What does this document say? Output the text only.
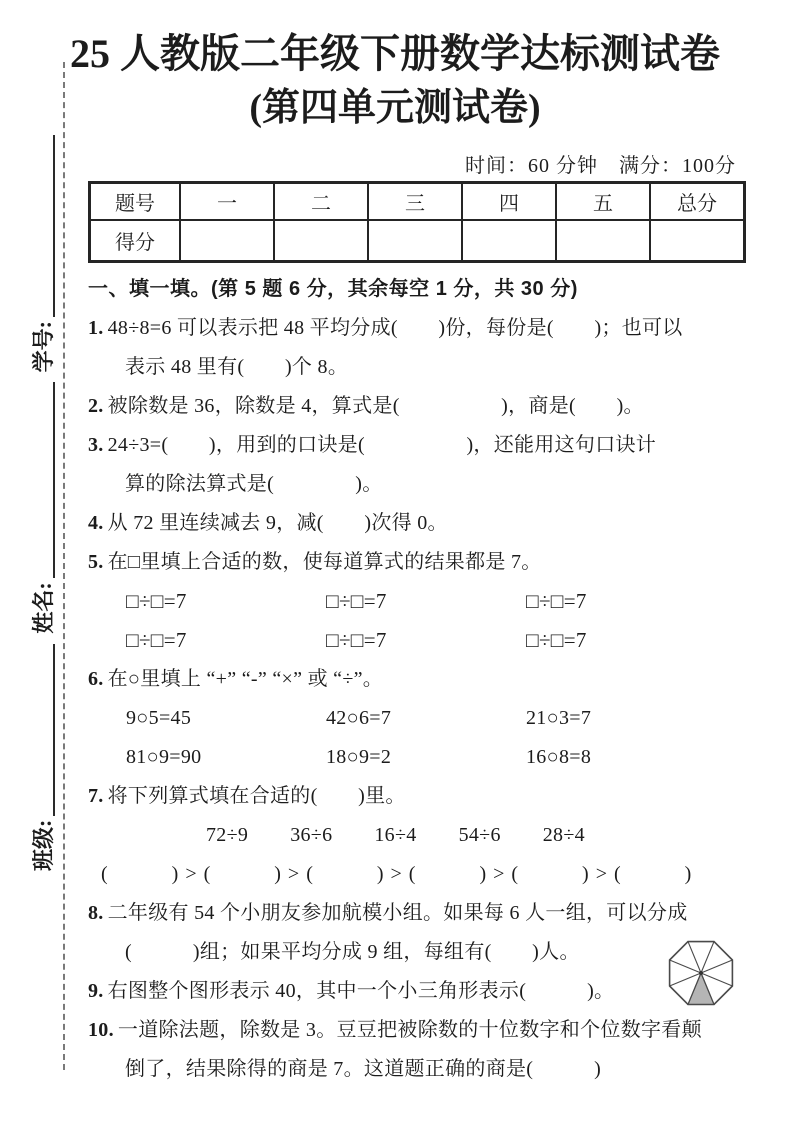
班级:
姓名:
学号:
25 人教版二年级下册数学达标测试卷
(第四单元测试卷)
时间：60 分钟　满分：100分
题号	一	二	三	四	五	总分
得分						
一、填一填。(第 5 题 6 分，其余每空 1 分，共 30 分)
1. 48÷8=6 可以表示把 48 平均分成(　　)份，每份是(　　)；也可以
表示 48 里有(　　)个 8。
2. 被除数是 36，除数是 4，算式是(　　　　　)，商是(　　)。
3. 24÷3=(　　)，用到的口诀是(　　　　　)，还能用这句口诀计
算的除法算式是(　　　　)。
4. 从 72 里连续减去 9，减(　　)次得 0。
5. 在□里填上合适的数，使每道算式的结果都是 7。
□÷□=7	□÷□=7	□÷□=7
□÷□=7	□÷□=7	□÷□=7
6. 在○里填上 “+” “-” “×” 或 “÷”。
9○5=45	42○6=7	21○3=7
81○9=90	18○9=2	16○8=8
7. 将下列算式填在合适的(　　)里。
72÷9 36÷6 16÷4 54÷6 28÷4
(　　　) > (　　　) > (　　　) > (　　　) > (　　　) > (　　　)
8. 二年级有 54 个小朋友参加航模小组。如果每 6 人一组，可以分成
(　　　)组；如果平均分成 9 组，每组有(　　)人。
9. 右图整个图形表示 40，其中一个小三角形表示(　　　)。
10. 一道除法题，除数是 3。豆豆把被除数的十位数字和个位数字看颠
倒了，结果除得的商是 7。这道题正确的商是(　　　)
